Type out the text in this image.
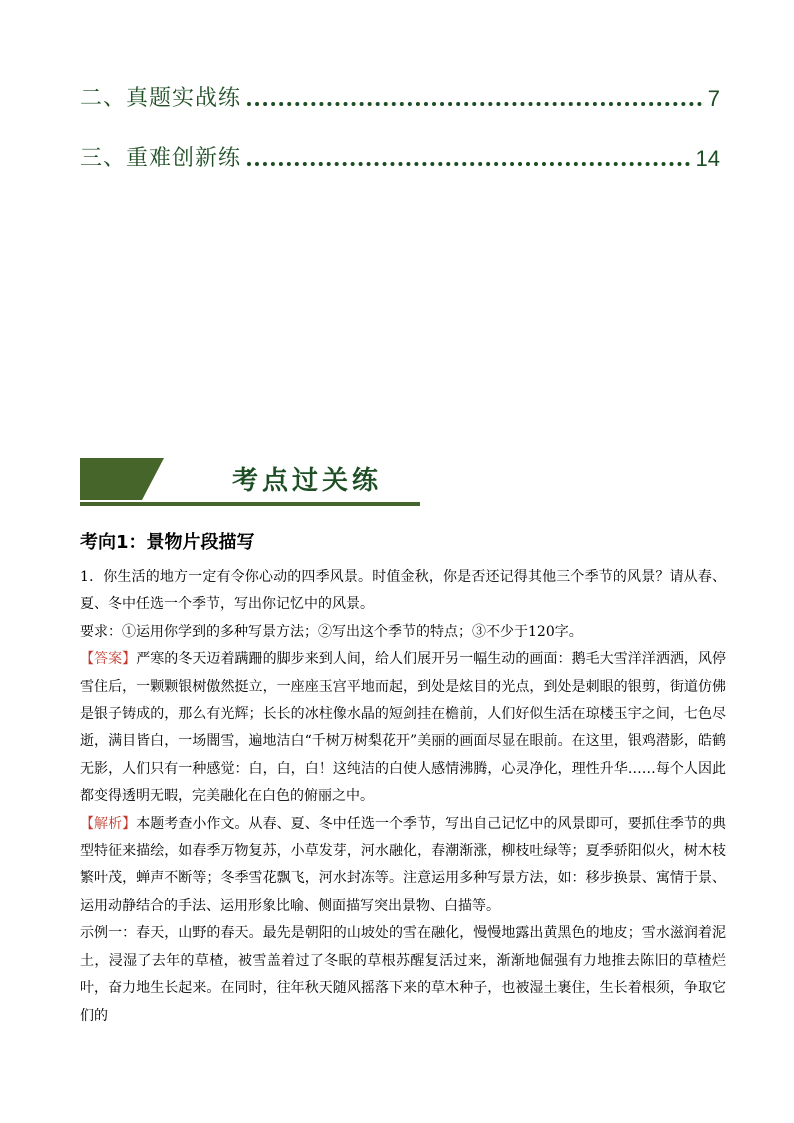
二、真题实战练	7
三、重难创新练	14
考点过关练
考向1：景物片段描写

1．你生活的地方一定有令你心动的四季风景。时值金秋，你是否还记得其他三个季节的风景？请从春、夏、冬中任选一个季节，写出你记忆中的风景。

要求：①运用你学到的多种写景方法；②写出这个季节的特点；③不少于120字。

【答案】严寒的冬天迈着蹒跚的脚步来到人间，给人们展开另一幅生动的画面：鹅毛大雪洋洋洒洒，风停雪住后，一颗颗银树傲然挺立，一座座玉宫平地而起，到处是炫目的光点，到处是刺眼的银剪，街道仿佛是银子铸成的，那么有光辉；长长的冰柱像水晶的短剑挂在檐前，人们好似生活在琼楼玉宇之间，七色尽逝，满目皆白，一场闇雪，遍地洁白“千树万树梨花开”美丽的画面尽显在眼前。在这里，银鸡潜影，皓鹤无影，人们只有一种感觉：白，白，白！这纯洁的白使人感情沸腾，心灵净化，理性升华……每个人因此都变得透明无暇，完美融化在白色的俯丽之中。

【解析】本题考查小作文。从春、夏、冬中任选一个季节，写出自己记忆中的风景即可，要抓住季节的典型特征来描绘，如春季万物复苏，小草发芽，河水融化，春潮渐涨，柳枝吐绿等；夏季骄阳似火，树木枝繁叶茂，蝉声不断等；冬季雪花飘飞，河水封冻等。注意运用多种写景方法，如：移步换景、寓情于景、运用动静结合的手法、运用形象比喻、侧面描写突出景物、白描等。

示例一：春天，山野的春天。最先是朝阳的山坡处的雪在融化，慢慢地露出黄黑色的地皮；雪水滋润着泥土，浸湿了去年的草楂，被雪盖着过了冬眠的草根苏醒复活过来，渐渐地倔强有力地推去陈旧的草楂烂叶，奋力地生长起来。在同时，往年秋天随风摇落下来的草木种子，也被湿土裹住，生长着根须，争取它们的
